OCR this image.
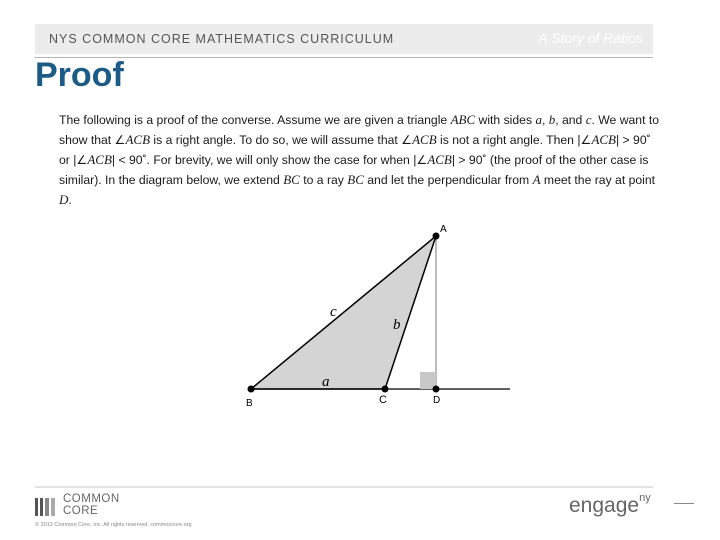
NYS COMMON CORE MATHEMATICS CURRICULUM	A Story of Ratios
Proof
The following is a proof of the converse. Assume we are given a triangle ABC with sides a, b, and c. We want to show that ∠ACB is a right angle. To do so, we will assume that ∠ACB is not a right angle. Then |∠ACB| > 90˚ or |∠ACB| < 90˚. For brevity, we will only show the case for when |∠ACB| > 90˚ (the proof of the other case is similar). In the diagram below, we extend BC to a ray BC and let the perpendicular from A meet the ray at point D.
A
B	C	D
a
b
c
COMMON
CORE
© 2012 Common Core, Inc. All rights reserved. commoncore.org
engage$^{ny}$
